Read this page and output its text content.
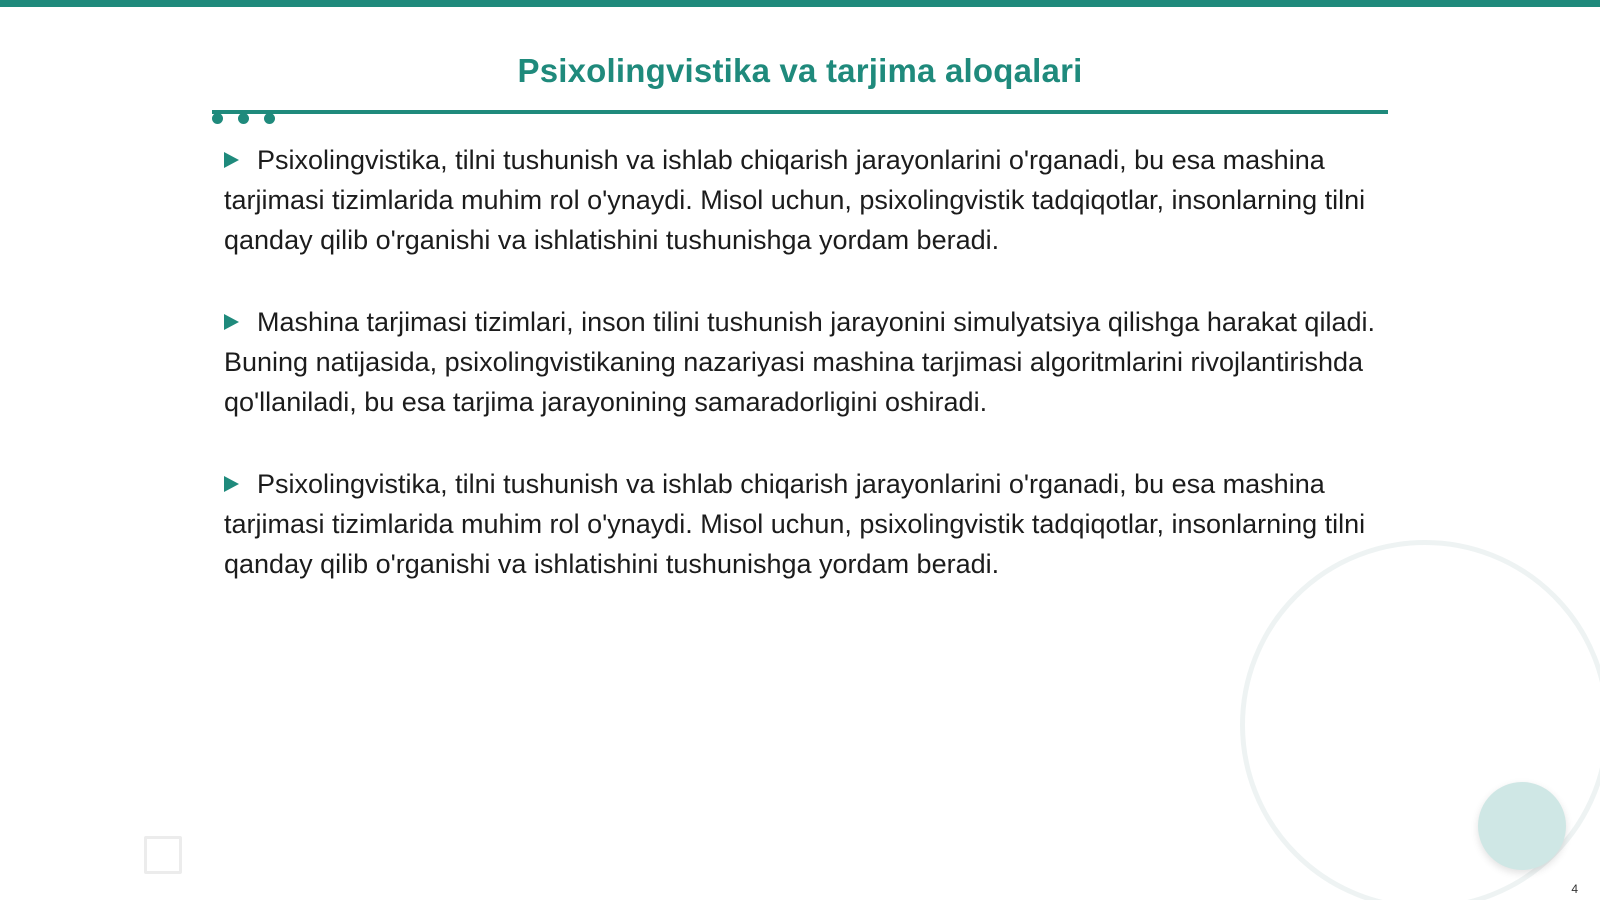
Psixolingvistika va tarjima aloqalari

Psixolingvistika, tilni tushunish va ishlab chiqarish jarayonlarini o'rganadi, bu esa mashina tarjimasi tizimlarida muhim rol o'ynaydi. Misol uchun, psixolingvistik tadqiqotlar, insonlarning tilni qanday qilib o'rganishi va ishlatishini tushunishga yordam beradi.

Mashina tarjimasi tizimlari, inson tilini tushunish jarayonini simulyatsiya qilishga harakat qiladi. Buning natijasida, psixolingvistikaning nazariyasi mashina tarjimasi algoritmlarini rivojlantirishda qo'llaniladi, bu esa tarjima jarayonining samaradorligini oshiradi.

Psixolingvistika, tilni tushunish va ishlab chiqarish jarayonlarini o'rganadi, bu esa mashina tarjimasi tizimlarida muhim rol o'ynaydi. Misol uchun, psixolingvistik tadqiqotlar, insonlarning tilni qanday qilib o'rganishi va ishlatishini tushunishga yordam beradi.

4
